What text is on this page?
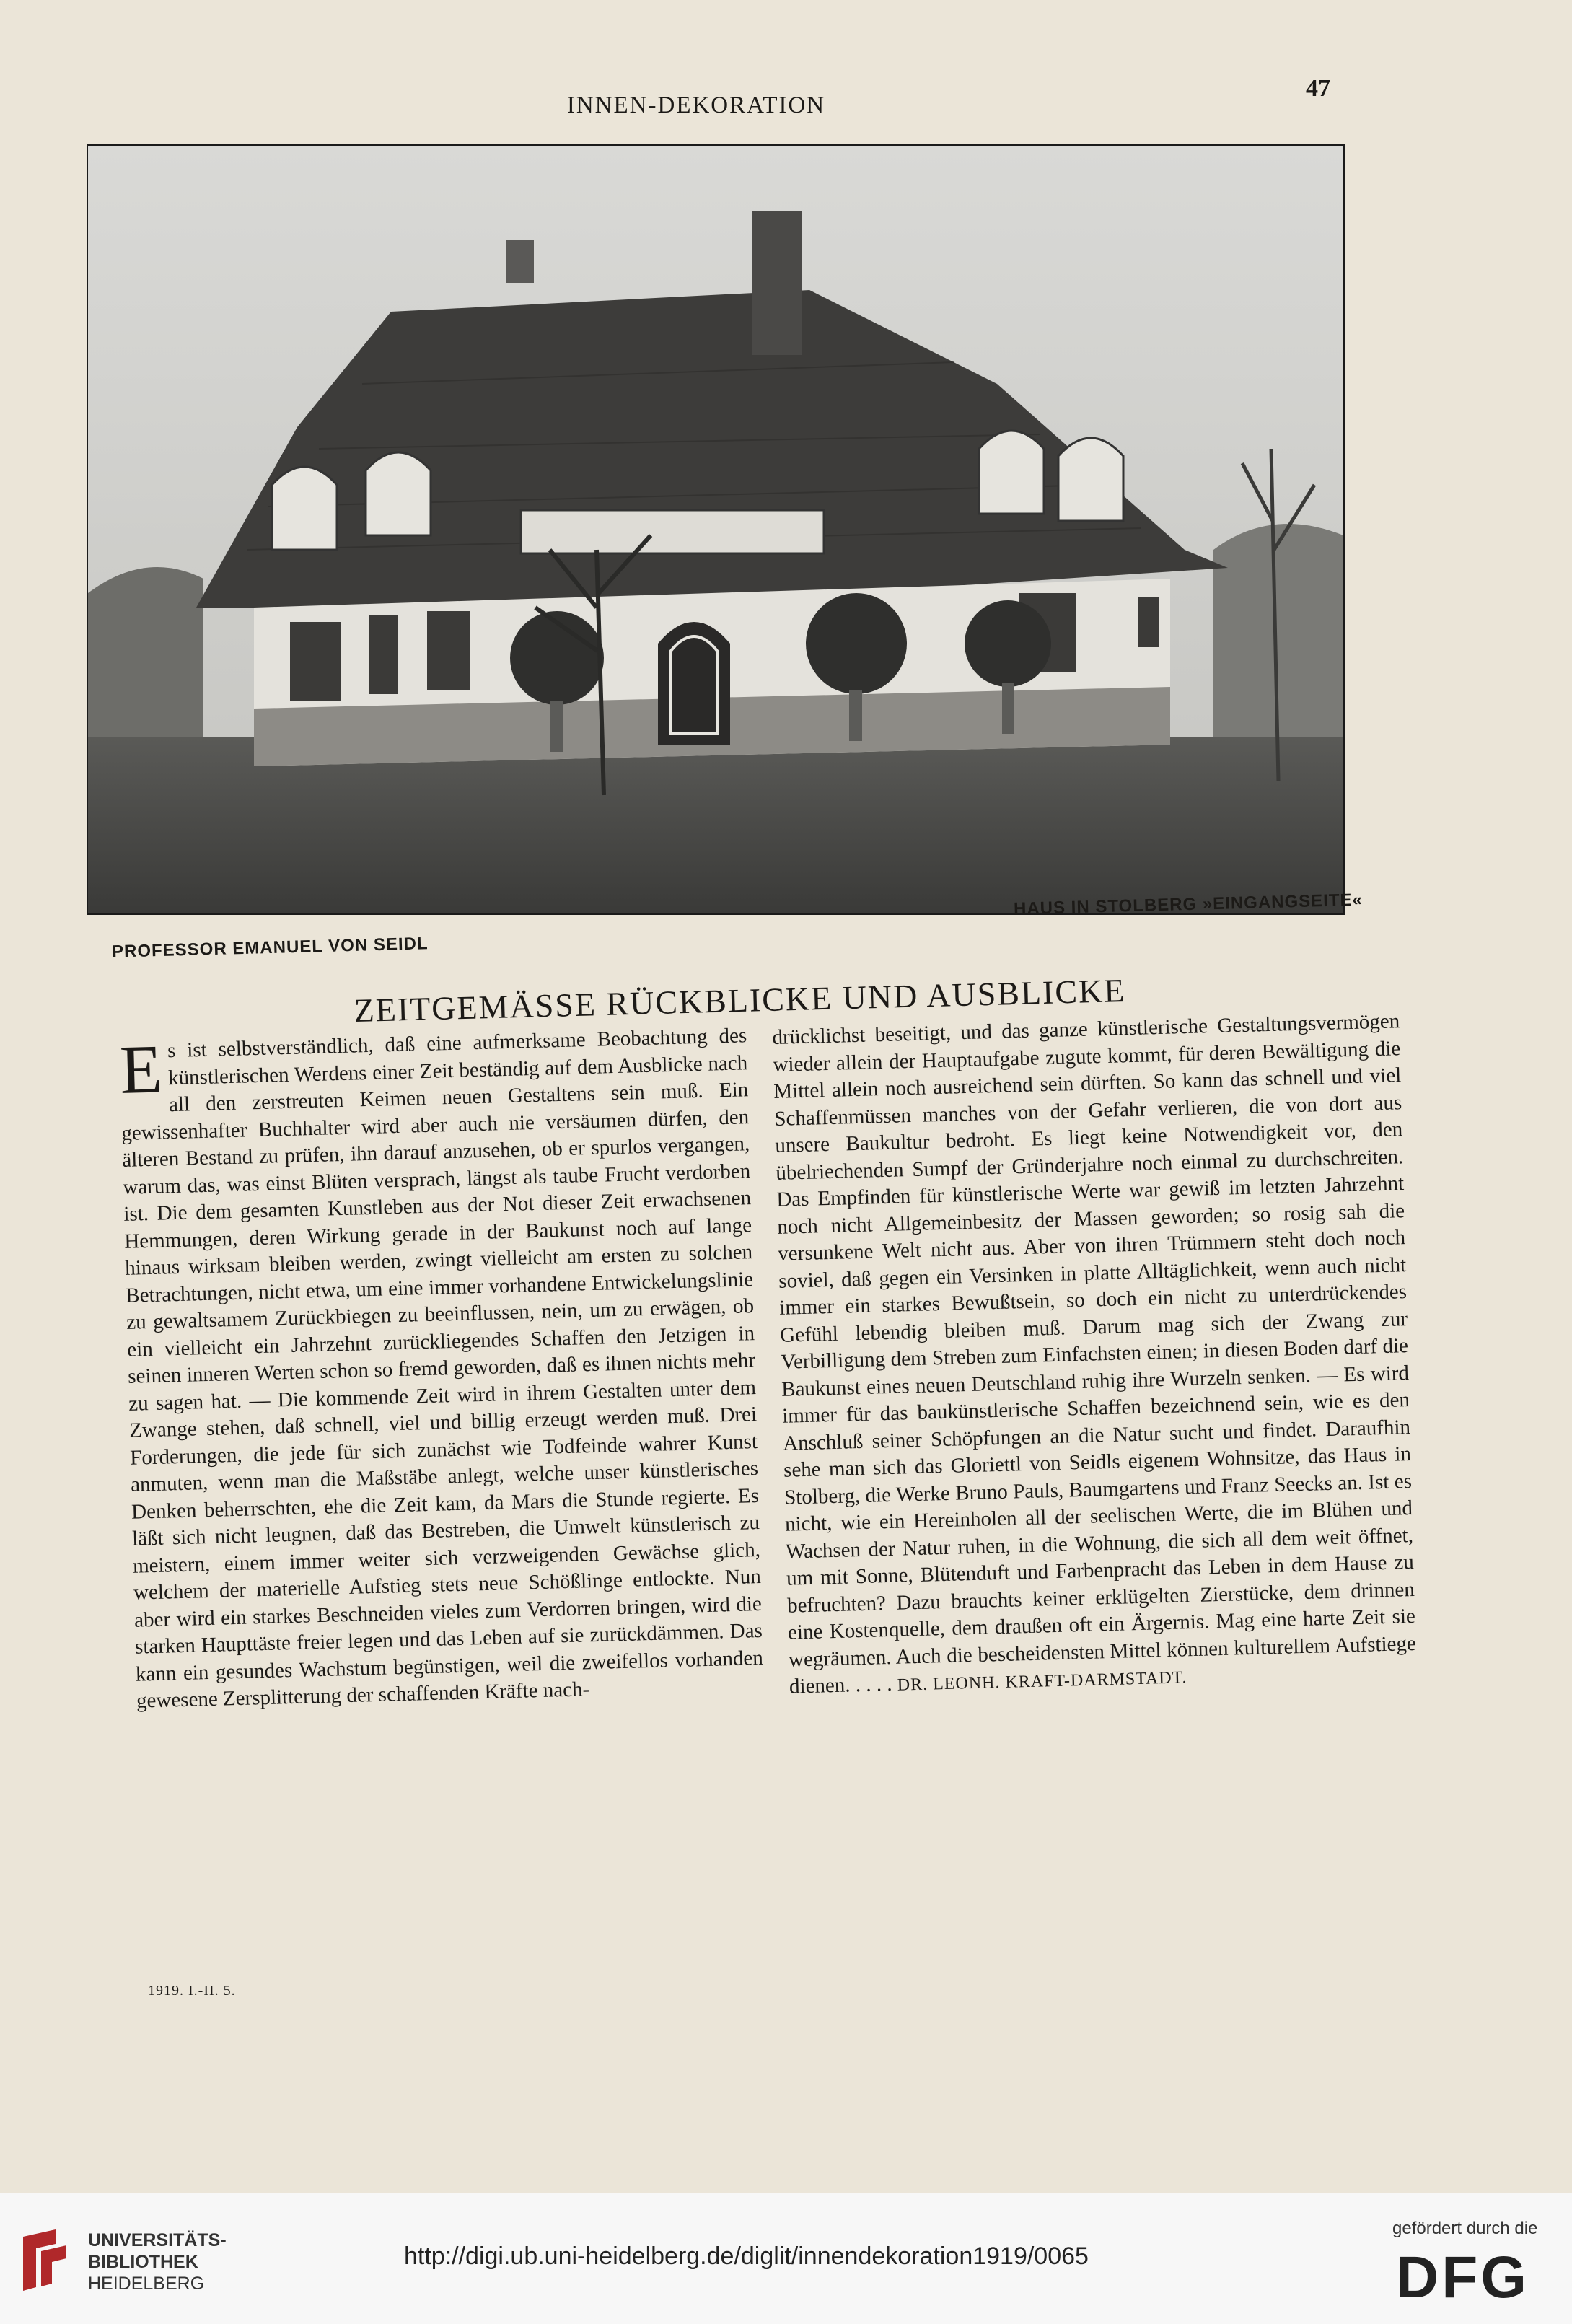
INNEN-DEKORATION
47
HAUS IN STOLBERG »EINGANGSEITE«
PROFESSOR EMANUEL VON SEIDL
ZEITGEMÄSSE RÜCKBLICKE UND AUSBLICKE
Es ist selbstverständlich, daß eine aufmerksame Beobachtung des künstlerischen Werdens einer Zeit beständig auf dem Ausblicke nach all den zerstreuten Keimen neuen Gestaltens sein muß. Ein gewissenhafter Buchhalter wird aber auch nie versäumen dürfen, den älteren Bestand zu prüfen, ihn darauf anzusehen, ob er spurlos vergangen, warum das, was einst Blüten versprach, längst als taube Frucht verdorben ist. Die dem gesamten Kunstleben aus der Not dieser Zeit erwachsenen Hemmungen, deren Wirkung gerade in der Baukunst noch auf lange hinaus wirksam bleiben werden, zwingt vielleicht am ersten zu solchen Betrachtungen, nicht etwa, um eine immer vorhandene Entwickelungslinie zu gewaltsamem Zurückbiegen zu beeinflussen, nein, um zu erwägen, ob ein vielleicht ein Jahrzehnt zurückliegendes Schaffen den Jetzigen in seinen inneren Werten schon so fremd geworden, daß es ihnen nichts mehr zu sagen hat. — Die kommende Zeit wird in ihrem Gestalten unter dem Zwange stehen, daß schnell, viel und billig erzeugt werden muß. Drei Forderungen, die jede für sich zunächst wie Todfeinde wahrer Kunst anmuten, wenn man die Maßstäbe anlegt, welche unser künstlerisches Denken beherrschten, ehe die Zeit kam, da Mars die Stunde regierte. Es läßt sich nicht leugnen, daß das Bestreben, die Umwelt künstlerisch zu meistern, einem immer weiter sich verzweigenden Gewächse glich, welchem der materielle Aufstieg stets neue Schößlinge entlockte. Nun aber wird ein starkes Beschneiden vieles zum Verdorren bringen, wird die starken Haupttäste freier legen und das Leben auf sie zurückdämmen. Das kann ein gesundes Wachstum begünstigen, weil die zweifellos vorhanden gewesene Zersplitterung der schaffenden Kräfte nach-
drücklichst beseitigt, und das ganze künstlerische Gestaltungsvermögen wieder allein der Hauptaufgabe zugute kommt, für deren Bewältigung die Mittel allein noch ausreichend sein dürften. So kann das schnell und viel Schaffenmüssen manches von der Gefahr verlieren, die von dort aus unsere Baukultur bedroht. Es liegt keine Notwendigkeit vor, den übelriechenden Sumpf der Gründerjahre noch einmal zu durchschreiten. Das Empfinden für künstlerische Werte war gewiß im letzten Jahrzehnt noch nicht Allgemeinbesitz der Massen geworden; so rosig sah die versunkene Welt nicht aus. Aber von ihren Trümmern steht doch noch soviel, daß gegen ein Versinken in platte Alltäglichkeit, wenn auch nicht immer ein starkes Bewußtsein, so doch ein nicht zu unterdrückendes Gefühl lebendig bleiben muß. Darum mag sich der Zwang zur Verbilligung dem Streben zum Einfachsten einen; in diesen Boden darf die Baukunst eines neuen Deutschland ruhig ihre Wurzeln senken. — Es wird immer für das baukünstlerische Schaffen bezeichnend sein, wie es den Anschluß seiner Schöpfungen an die Natur sucht und findet. Daraufhin sehe man sich das Gloriettl von Seidls eigenem Wohnsitze, das Haus in Stolberg, die Werke Bruno Pauls, Baumgartens und Franz Seecks an. Ist es nicht, wie ein Hereinholen all der seelischen Werte, die im Blühen und Wachsen der Natur ruhen, in die Wohnung, die sich all dem weit öffnet, um mit Sonne, Blütenduft und Farbenpracht das Leben in dem Hause zu befruchten? Dazu brauchts keiner erklügelten Zierstücke, dem drinnen eine Kostenquelle, dem draußen oft ein Ärgernis. Mag eine harte Zeit sie wegräumen. Auch die bescheidensten Mittel können kulturellem Aufstiege dienen. . . . . DR. LEONH. KRAFT-DARMSTADT.
1919. I.-II. 5.
UNIVERSITÄTS-
BIBLIOTHEK
HEIDELBERG
http://digi.ub.uni-heidelberg.de/diglit/innendekoration1919/0065
gefördert durch die
DFG
